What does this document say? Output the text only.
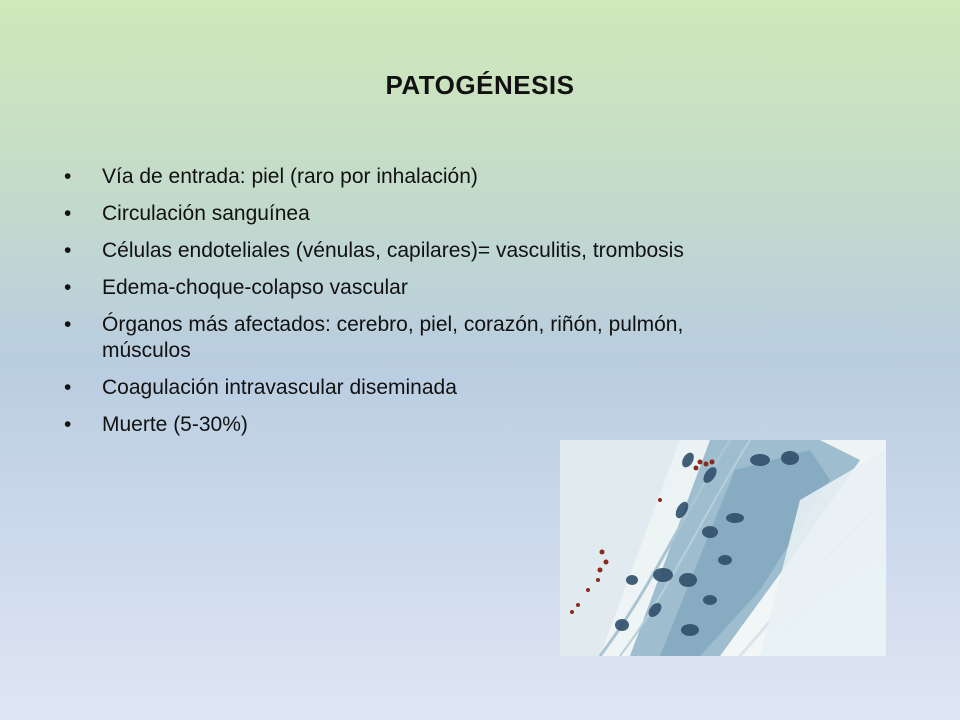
PATOGÉNESIS
• Vía de entrada: piel (raro por inhalación)
• Circulación sanguínea
• Células endoteliales (vénulas, capilares)= vasculitis, trombosis
• Edema-choque-colapso vascular
• Órganos más afectados: cerebro, piel, corazón, riñón, pulmón, músculos
• Coagulación intravascular diseminada
• Muerte (5-30%)
